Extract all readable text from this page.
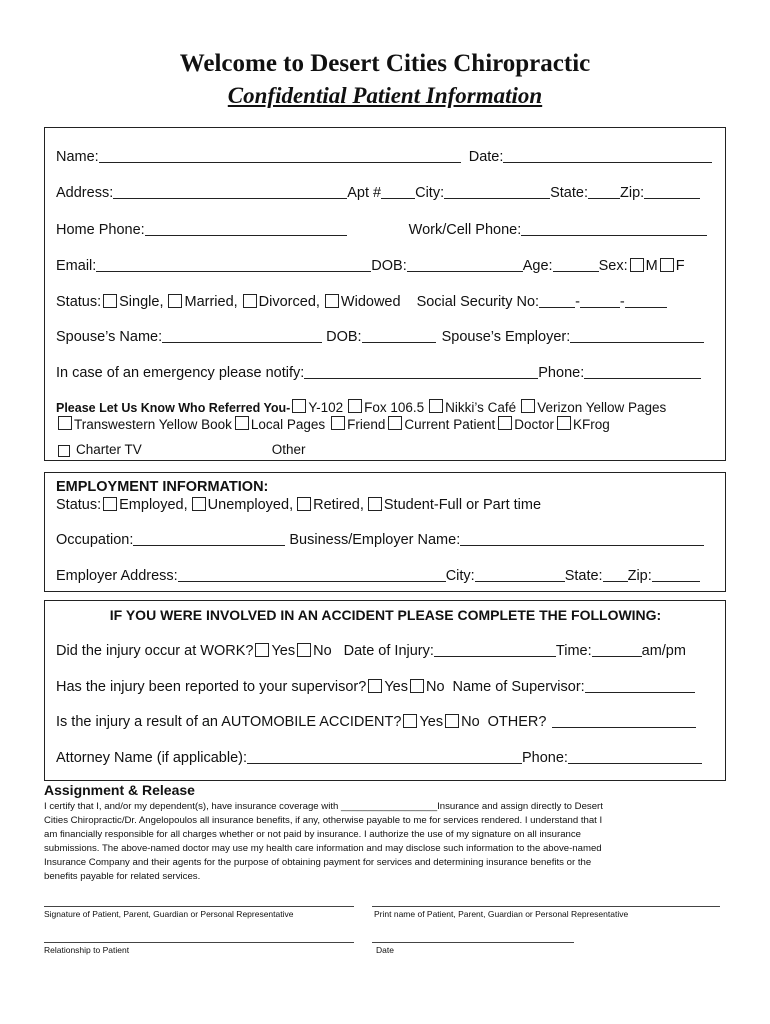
Welcome to Desert Cities Chiropractic
Confidential Patient Information
Name:	Date:
Address:	Apt # City:	State: Zip:
Home Phone:	Work/Cell Phone:
Email:	DOB:	Age:	Sex: M F
Status: Single, Married, Divorced, Widowed Social Security No: -	-
Spouse’s Name:	DOB:	Spouse’s Employer:
In case of an emergency please notify:	Phone:
Please Let Us Know Who Referred You- Y-102 Fox 106.5 Nikki’s Café Verizon Yellow Pages
Transwestern Yellow Book Local Pages Friend Current Patient Doctor KFrog
Charter TV	Other
EMPLOYMENT INFORMATION:
Status: Employed, Unemployed, Retired, Student-Full or Part time
Occupation:	Business/Employer Name:
Employer Address:	City:	State: Zip:
IF YOU WERE INVOLVED IN AN ACCIDENT PLEASE COMPLETE THE FOLLOWING:
Did the injury occur at WORK? Yes No Date of Injury:	Time:	am/pm
Has the injury been reported to your supervisor? Yes No Name of Supervisor:
Is the injury a result of an AUTOMOBILE ACCIDENT? Yes No OTHER?
Attorney Name (if applicable):	Phone:
Assignment & Release
I certify that I, and/or my dependent(s), have insurance coverage with __________________Insurance and assign directly to Desert
Cities Chiropractic/Dr. Angelopoulos all insurance benefits, if any, otherwise payable to me for services rendered. I understand that I
am financially responsible for all charges whether or not paid by insurance. I authorize the use of my signature on all insurance
submissions. The above-named doctor may use my health care information and may disclose such information to the above-named
Insurance Company and their agents for the purpose of obtaining payment for services and determining insurance benefits or the
benefits payable for related services.
Signature of Patient, Parent, Guardian or Personal Representative	Print name of Patient, Parent, Guardian or Personal Representative
Relationship to Patient	Date
